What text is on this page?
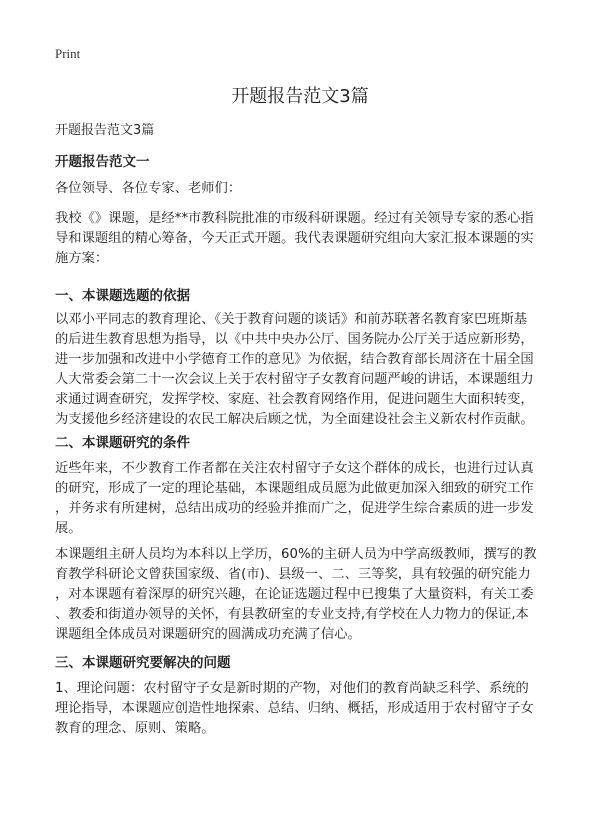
Print
开题报告范文3篇
开题报告范文3篇
开题报告范文一
各位领导、各位专家、老师们：
我校《》课题，是经**市教科院批准的市级科研课题。经过有关领导专家的悉心指
导和课题组的精心筹备，今天正式开题。我代表课题研究组向大家汇报本课题的实
施方案：
一、本课题选题的依据
以邓小平同志的教育理论、《关于教育问题的谈话》和前苏联著名教育家巴班斯基
的后进生教育思想为指导，以《中共中央办公厅、国务院办公厅关于适应新形势，
进一步加强和改进中小学德育工作的意见》为依据，结合教育部长周济在十届全国
人大常委会第二十一次会议上关于农村留守子女教育问题严峻的讲话，本课题组力
求通过调查研究，发挥学校、家庭、社会教育网络作用，促进问题生大面积转变，
为支援他乡经济建设的农民工解决后顾之忧，为全面建设社会主义新农村作贡献。
二、本课题研究的条件
近些年来，不少教育工作者都在关注农村留守子女这个群体的成长，也进行过认真
的研究，形成了一定的理论基础，本课题组成员愿为此做更加深入细致的研究工作
，并务求有所建树，总结出成功的经验并推而广之，促进学生综合素质的进一步发
展。
本课题组主研人员均为本科以上学历，60%的主研人员为中学高级教师，撰写的教
育教学科研论文曾获国家级、省(市)、县级一、二、三等奖，具有较强的研究能力
，对本课题有着深厚的研究兴趣，在论证选题过程中已搜集了大量资料，有关工委
、教委和街道办领导的关怀，有县教研室的专业支持,有学校在人力物力的保证,本
课题组全体成员对课题研究的圆满成功充满了信心。
三、本课题研究要解决的问题
1、理论问题：农村留守子女是新时期的产物，对他们的教育尚缺乏科学、系统的
理论指导，本课题应创造性地探索、总结、归纳、概括，形成适用于农村留守子女
教育的理念、原则、策略。
